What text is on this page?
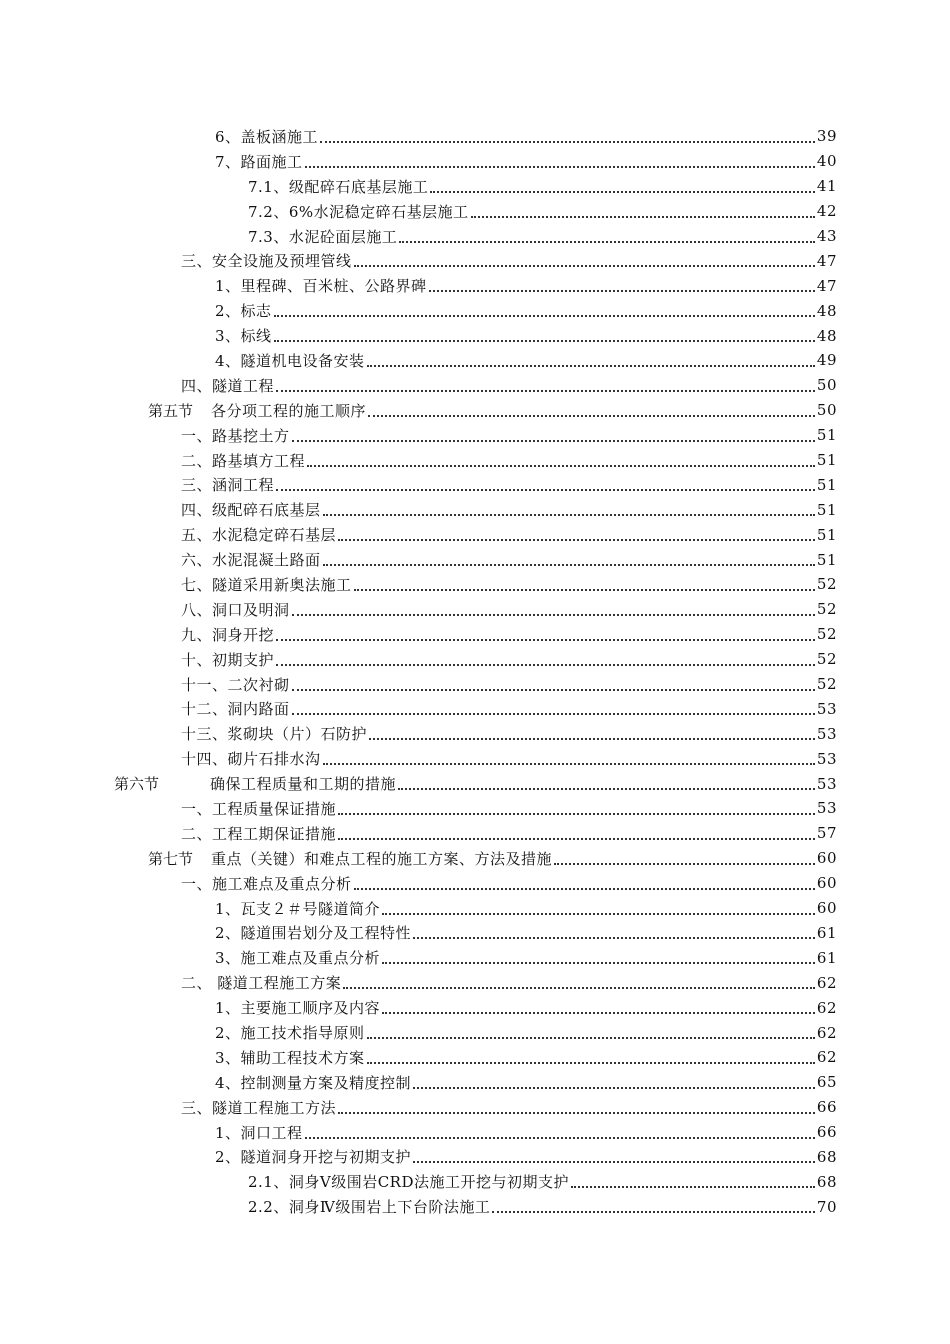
6、盖板涵施工	39
7、路面施工	40
7.1、级配碎石底基层施工	41
7.2、6%水泥稳定碎石基层施工	42
7.3、水泥砼面层施工	43
三、安全设施及预埋管线	47
1、里程碑、百米桩、公路界碑	47
2、标志	48
3、标线	48
4、隧道机电设备安装	49
四、隧道工程	50
第五节	各分项工程的施工顺序	50
一、路基挖土方	51
二、路基填方工程	51
三、涵洞工程	51
四、级配碎石底基层	51
五、水泥稳定碎石基层	51
六、水泥混凝土路面	51
七、隧道采用新奥法施工	52
八、洞口及明洞	52
九、洞身开挖	52
十、初期支护	52
十一、二次衬砌	52
十二、洞内路面	53
十三、浆砌块（片）石防护	53
十四、砌片石排水沟	53
第六节	确保工程质量和工期的措施	53
一、工程质量保证措施	53
二、工程工期保证措施	57
第七节	重点（关键）和难点工程的施工方案、方法及措施	60
一、施工难点及重点分析	60
1、瓦支２＃号隧道简介	60
2、隧道围岩划分及工程特性	61
3、施工难点及重点分析	61
二、 隧道工程施工方案	62
1、主要施工顺序及内容	62
2、施工技术指导原则	62
3、辅助工程技术方案	62
4、控制测量方案及精度控制	65
三、隧道工程施工方法	66
1、洞口工程	66
2、隧道洞身开挖与初期支护	68
2.1、洞身Ⅴ级围岩CRD法施工开挖与初期支护	68
2.2、洞身Ⅳ级围岩上下台阶法施工	70
